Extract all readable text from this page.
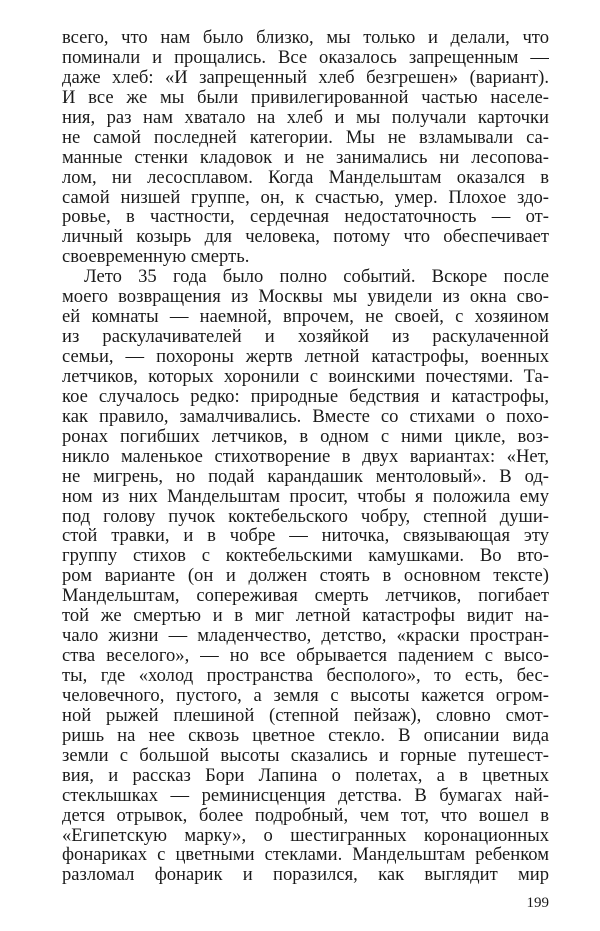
всего, что нам было близко, мы только и делали, что
поминали и прощались. Все оказалось запрещенным —
даже хлеб: «И запрещенный хлеб безгрешен» (вариант).
И все же мы были привилегированной частью населе-
ния, раз нам хватало на хлеб и мы получали карточки
не самой последней категории. Мы не взламывали са-
манные стенки кладовок и не занимались ни лесопова-
лом, ни лесосплавом. Когда Мандельштам оказался в
самой низшей группе, он, к счастью, умер. Плохое здо-
ровье, в частности, сердечная недостаточность — от-
личный козырь для человека, потому что обеспечивает
своевременную смерть.
Лето 35 года было полно событий. Вскоре после
моего возвращения из Москвы мы увидели из окна сво-
ей комнаты — наемной, впрочем, не своей, с хозяином
из раскулачивателей и хозяйкой из раскулаченной
семьи, — похороны жертв летной катастрофы, военных
летчиков, которых хоронили с воинскими почестями. Та-
кое случалось редко: природные бедствия и катастрофы,
как правило, замалчивались. Вместе со стихами о похо-
ронах погибших летчиков, в одном с ними цикле, воз-
никло маленькое стихотворение в двух вариантах: «Нет,
не мигрень, но подай карандашик ментоловый». В од-
ном из них Мандельштам просит, чтобы я положила ему
под голову пучок коктебельского чобру, степной души-
стой травки, и в чобре — ниточка, связывающая эту
группу стихов с коктебельскими камушками. Во вто-
ром варианте (он и должен стоять в основном тексте)
Мандельштам, сопереживая смерть летчиков, погибает
той же смертью и в миг летной катастрофы видит на-
чало жизни — младенчество, детство, «краски простран-
ства веселого», — но все обрывается падением с высо-
ты, где «холод пространства бесполого», то есть, бес-
человечного, пустого, а земля с высоты кажется огром-
ной рыжей плешиной (степной пейзаж), словно смот-
ришь на нее сквозь цветное стекло. В описании вида
земли с большой высоты сказались и горные путешест-
вия, и рассказ Бори Лапина о полетах, а в цветных
стеклышках — реминисценция детства. В бумагах най-
дется отрывок, более подробный, чем тот, что вошел в
«Египетскую марку», о шестигранных коронационных
фонариках с цветными стеклами. Мандельштам ребенком
разломал фонарик и поразился, как выглядит мир
199
